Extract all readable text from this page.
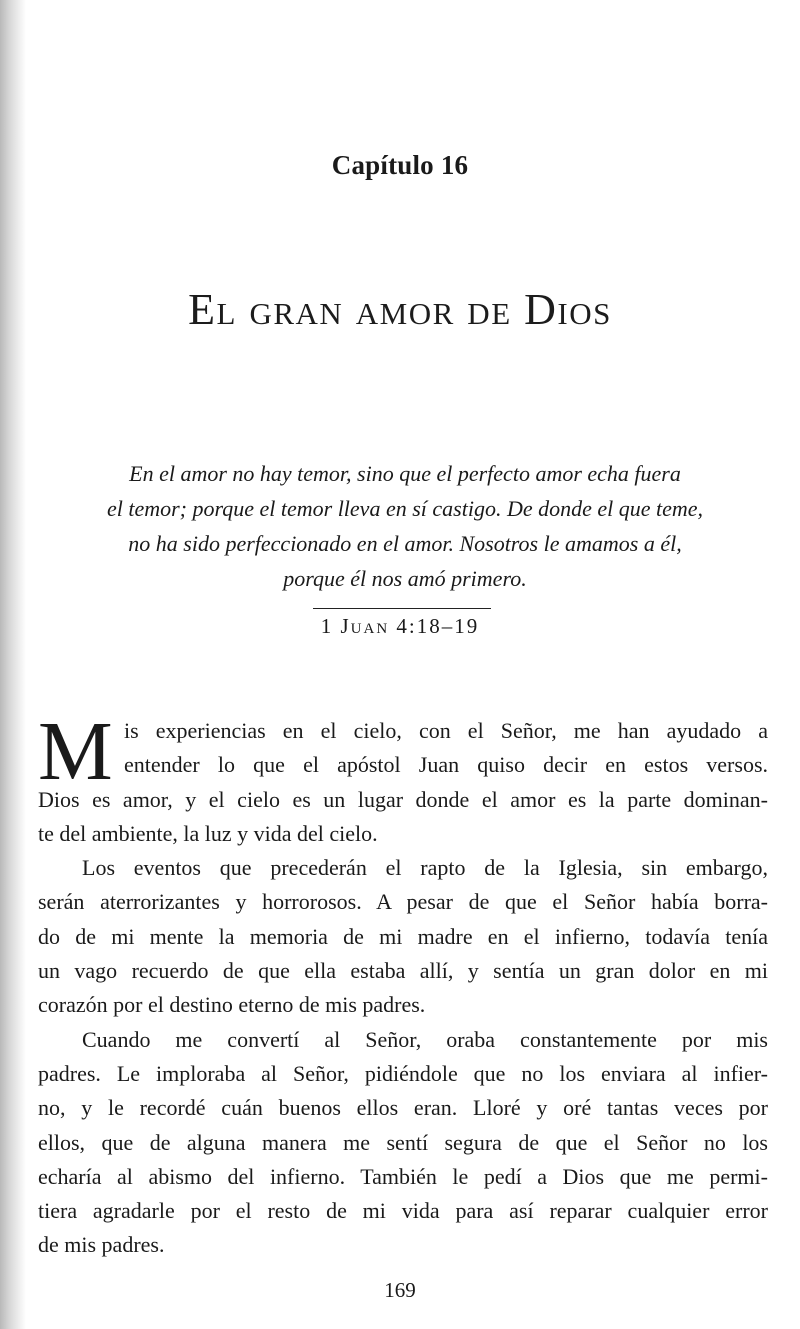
Capítulo 16
El gran amor de Dios
En el amor no hay temor, sino que el perfecto amor echa fuera
el temor; porque el temor lleva en sí castigo. De donde el que teme,
no ha sido perfeccionado en el amor. Nosotros le amamos a él,
porque él nos amó primero.
1 Juan 4:18–19
M is experiencias en el cielo, con el Señor, me han ayudado a
entender lo que el apóstol Juan quiso decir en estos versos.
Dios es amor, y el cielo es un lugar donde el amor es la parte dominan-
te del ambiente, la luz y vida del cielo.
Los eventos que precederán el rapto de la Iglesia, sin embargo,
serán aterrorizantes y horrorosos. A pesar de que el Señor había borra-
do de mi mente la memoria de mi madre en el infierno, todavía tenía
un vago recuerdo de que ella estaba allí, y sentía un gran dolor en mi
corazón por el destino eterno de mis padres.
Cuando me convertí al Señor, oraba constantemente por mis
padres. Le imploraba al Señor, pidiéndole que no los enviara al infier-
no, y le recordé cuán buenos ellos eran. Lloré y oré tantas veces por
ellos, que de alguna manera me sentí segura de que el Señor no los
echaría al abismo del infierno. También le pedí a Dios que me permi-
tiera agradarle por el resto de mi vida para así reparar cualquier error
de mis padres.
169
